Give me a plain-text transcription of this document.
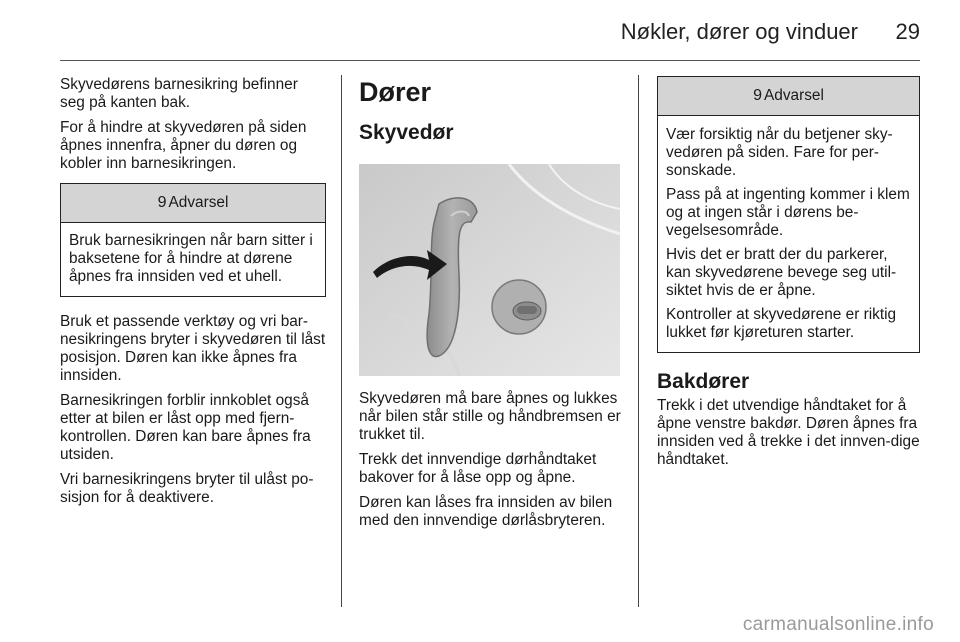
Nøkler, dører og vinduer 29

Skyvedørens barnesikring befinner seg på kanten bak.

For å hindre at skyvedøren på siden åpnes innenfra, åpner du døren og kobler inn barnesikringen.

9 Advarsel

Bruk barnesikringen når barn sitter i baksetene for å hindre at dørene åpnes fra innsiden ved et uhell.

Bruk et passende verktøy og vri bar-nesikringens bryter i skyvedøren til låst posisjon. Døren kan ikke åpnes fra innsiden.

Barnesikringen forblir innkoblet også etter at bilen er låst opp med fjern-kontrollen. Døren kan bare åpnes fra utsiden.

Vri barnesikringens bryter til ulåst po-sisjon for å deaktivere.

Dører
Skyvedør

Skyvedøren må bare åpnes og lukkes når bilen står stille og håndbremsen er trukket til.

Trekk det innvendige dørhåndtaket bakover for å låse opp og åpne.

Døren kan låses fra innsiden av bilen med den innvendige dørlåsbryteren.

9 Advarsel

Vær forsiktig når du betjener sky-vedøren på siden. Fare for per-sonskade.

Pass på at ingenting kommer i klem og at ingen står i dørens be-vegelsesområde.

Hvis det er bratt der du parkerer, kan skyvedørene bevege seg util-siktet hvis de er åpne.

Kontroller at skyvedørene er riktig lukket før kjøreturen starter.

Bakdører

Trekk i det utvendige håndtaket for å åpne venstre bakdør. Døren åpnes fra innsiden ved å trekke i det innven-dige håndtaket.

carmanualsonline.info
